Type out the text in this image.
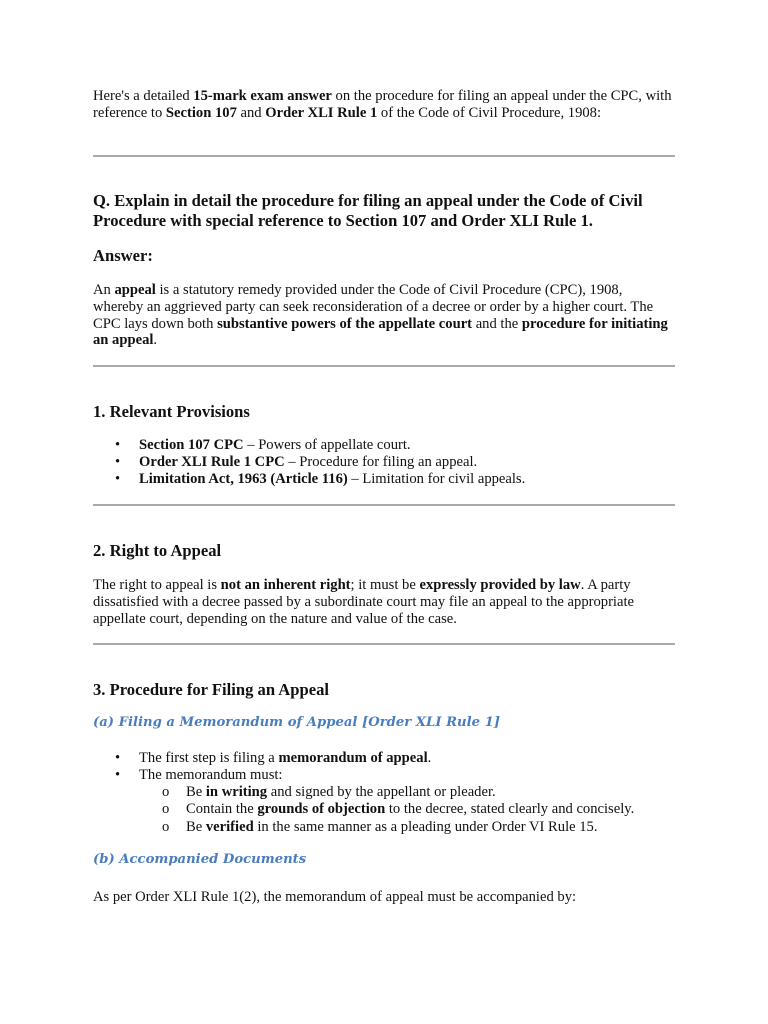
Here's a detailed 15-mark exam answer on the procedure for filing an appeal under the CPC, with reference to Section 107 and Order XLI Rule 1 of the Code of Civil Procedure, 1908:

Q. Explain in detail the procedure for filing an appeal under the Code of Civil Procedure with special reference to Section 107 and Order XLI Rule 1.
Answer:

An appeal is a statutory remedy provided under the Code of Civil Procedure (CPC), 1908, whereby an aggrieved party can seek reconsideration of a decree or order by a higher court. The CPC lays down both substantive powers of the appellate court and the procedure for initiating an appeal.

1. Relevant Provisions
• Section 107 CPC – Powers of appellate court.
• Order XLI Rule 1 CPC – Procedure for filing an appeal.
• Limitation Act, 1963 (Article 116) – Limitation for civil appeals.
2. Right to Appeal

The right to appeal is not an inherent right; it must be expressly provided by law. A party dissatisfied with a decree passed by a subordinate court may file an appeal to the appropriate appellate court, depending on the nature and value of the case.

3. Procedure for Filing an Appeal
(a) Filing a Memorandum of Appeal [Order XLI Rule 1]
• The first step is filing a memorandum of appeal.
• The memorandum must:
o Be in writing and signed by the appellant or pleader.
o Contain the grounds of objection to the decree, stated clearly and concisely.
o Be verified in the same manner as a pleading under Order VI Rule 15.
(b) Accompanied Documents

As per Order XLI Rule 1(2), the memorandum of appeal must be accompanied by:
